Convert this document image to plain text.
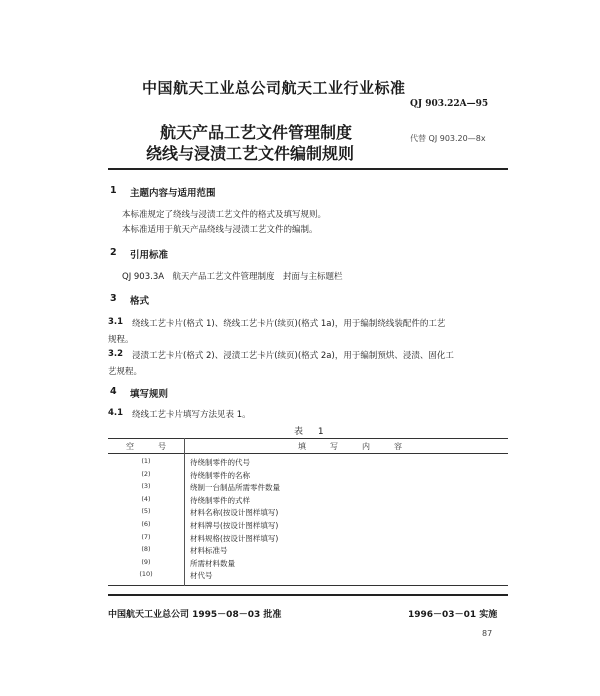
中国航天工业总公司航天工业行业标准
QJ 903.22A—95
航天产品工艺文件管理制度
绕线与浸渍工艺文件编制规则
代替 QJ 903.20—8x
1 主题内容与适用范围
本标准规定了绕线与浸渍工艺文件的格式及填写规则。
本标准适用于航天产品绕线与浸渍工艺文件的编制。
2 引用标准
QJ 903.3A　航天产品工艺文件管理制度　封面与主标题栏
3 格式
3.1 绕线工艺卡片(格式 1)、绕线工艺卡片(续页)(格式 1a)，用于编制绕线装配件的工艺
规程。
3.2 浸渍工艺卡片(格式 2)、浸渍工艺卡片(续页)(格式 2a)，用于编制预烘、浸渍、固化工
艺规程。
4 填写规则
4.1 绕线工艺卡片填写方法见表 1。
表 1
空　号	填　写　内　容
(1)	待绕制零件的代号
(2)	待绕制零件的名称
(3)	绕制一台制品所需零件数量
(4)	待绕制零件的式样
(5)	材料名称(按设计图样填写)
(6)	材料牌号(按设计图样填写)
(7)	材料规格(按设计图样填写)
(8)	材料标准号
(9)	所需材料数量
(10)	材代号
中国航天工业总公司 1995－08－03 批准	1996－03－01 实施
87
